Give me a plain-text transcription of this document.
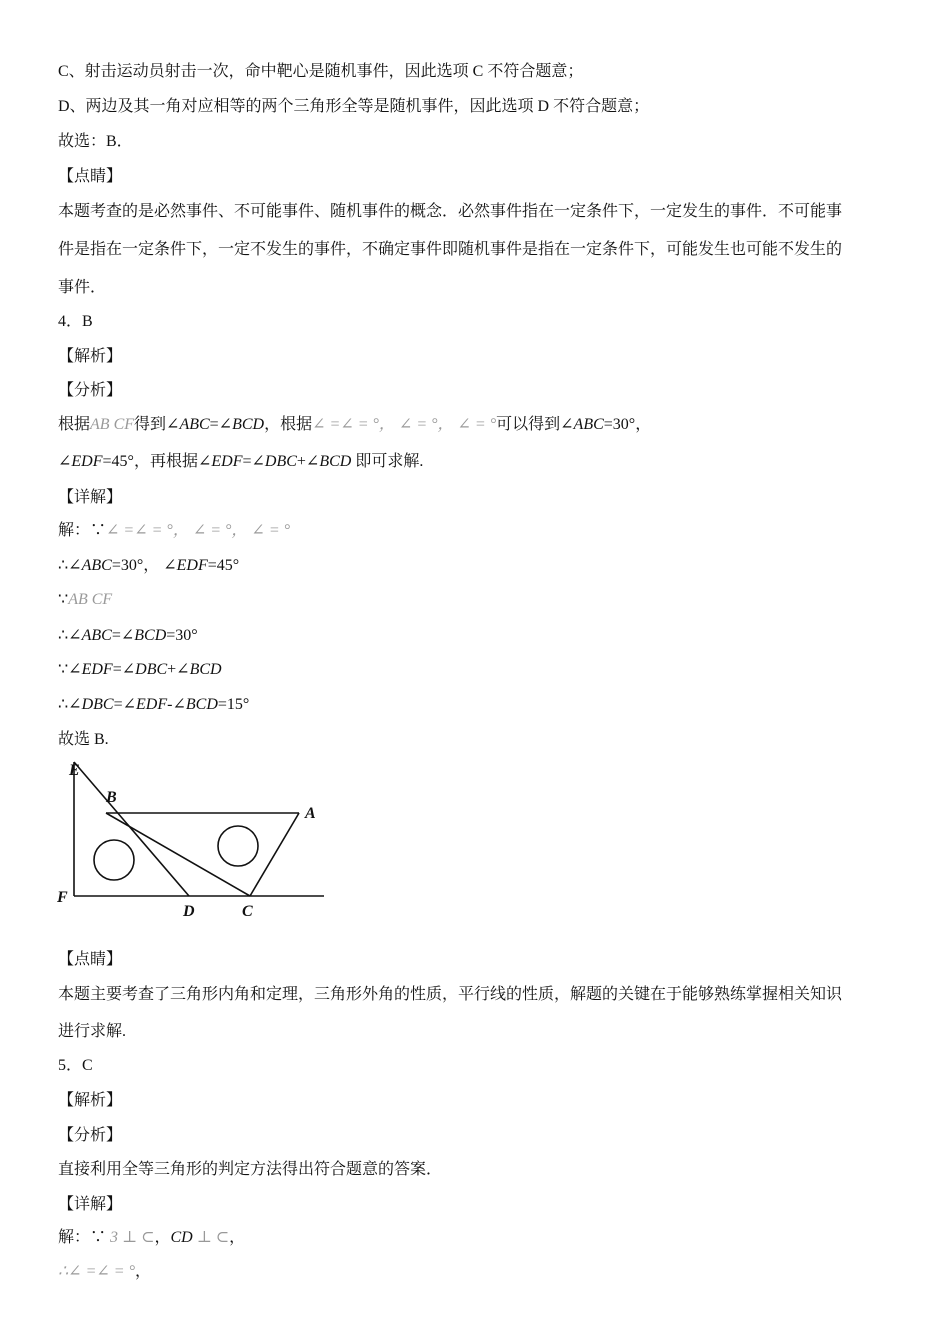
C、射击运动员射击一次，命中靶心是随机事件，因此选项 C 不符合题意；
D、两边及其一角对应相等的两个三角形全等是随机事件，因此选项 D 不符合题意；
故选：B．
【点睛】
本题考查的是必然事件、不可能事件、随机事件的概念．必然事件指在一定条件下，一定发生的事件．不可能事
件是指在一定条件下，一定不发生的事件，不确定事件即随机事件是指在一定条件下，可能发生也可能不发生的
事件．
4．B
【解析】
【分析】
根据AB CF得到∠ABC=∠BCD，根据∠ =∠ = °， ∠ = °， ∠ = °可以得到∠ABC=30°，
∠EDF=45°，再根据∠EDF=∠DBC+∠BCD 即可求解.
【详解】
解：∵∠ =∠ = °， ∠ = °， ∠ = °
∴∠ABC=30°， ∠EDF=45°
∵AB CF
∴∠ABC=∠BCD=30°
∵∠EDF=∠DBC+∠BCD
∴∠DBC=∠EDF-∠BCD=15°
故选 B.
E
B
A
F
D	C
【点睛】
本题主要考查了三角形内角和定理，三角形外角的性质，平行线的性质，解题的关键在于能够熟练掌握相关知识
进行求解.
5．C
【解析】
【分析】
直接利用全等三角形的判定方法得出符合题意的答案．
【详解】
解：∵ 3 ⊥ ⊂，CD ⊥ ⊂，
∴∠ =∠ = °，
